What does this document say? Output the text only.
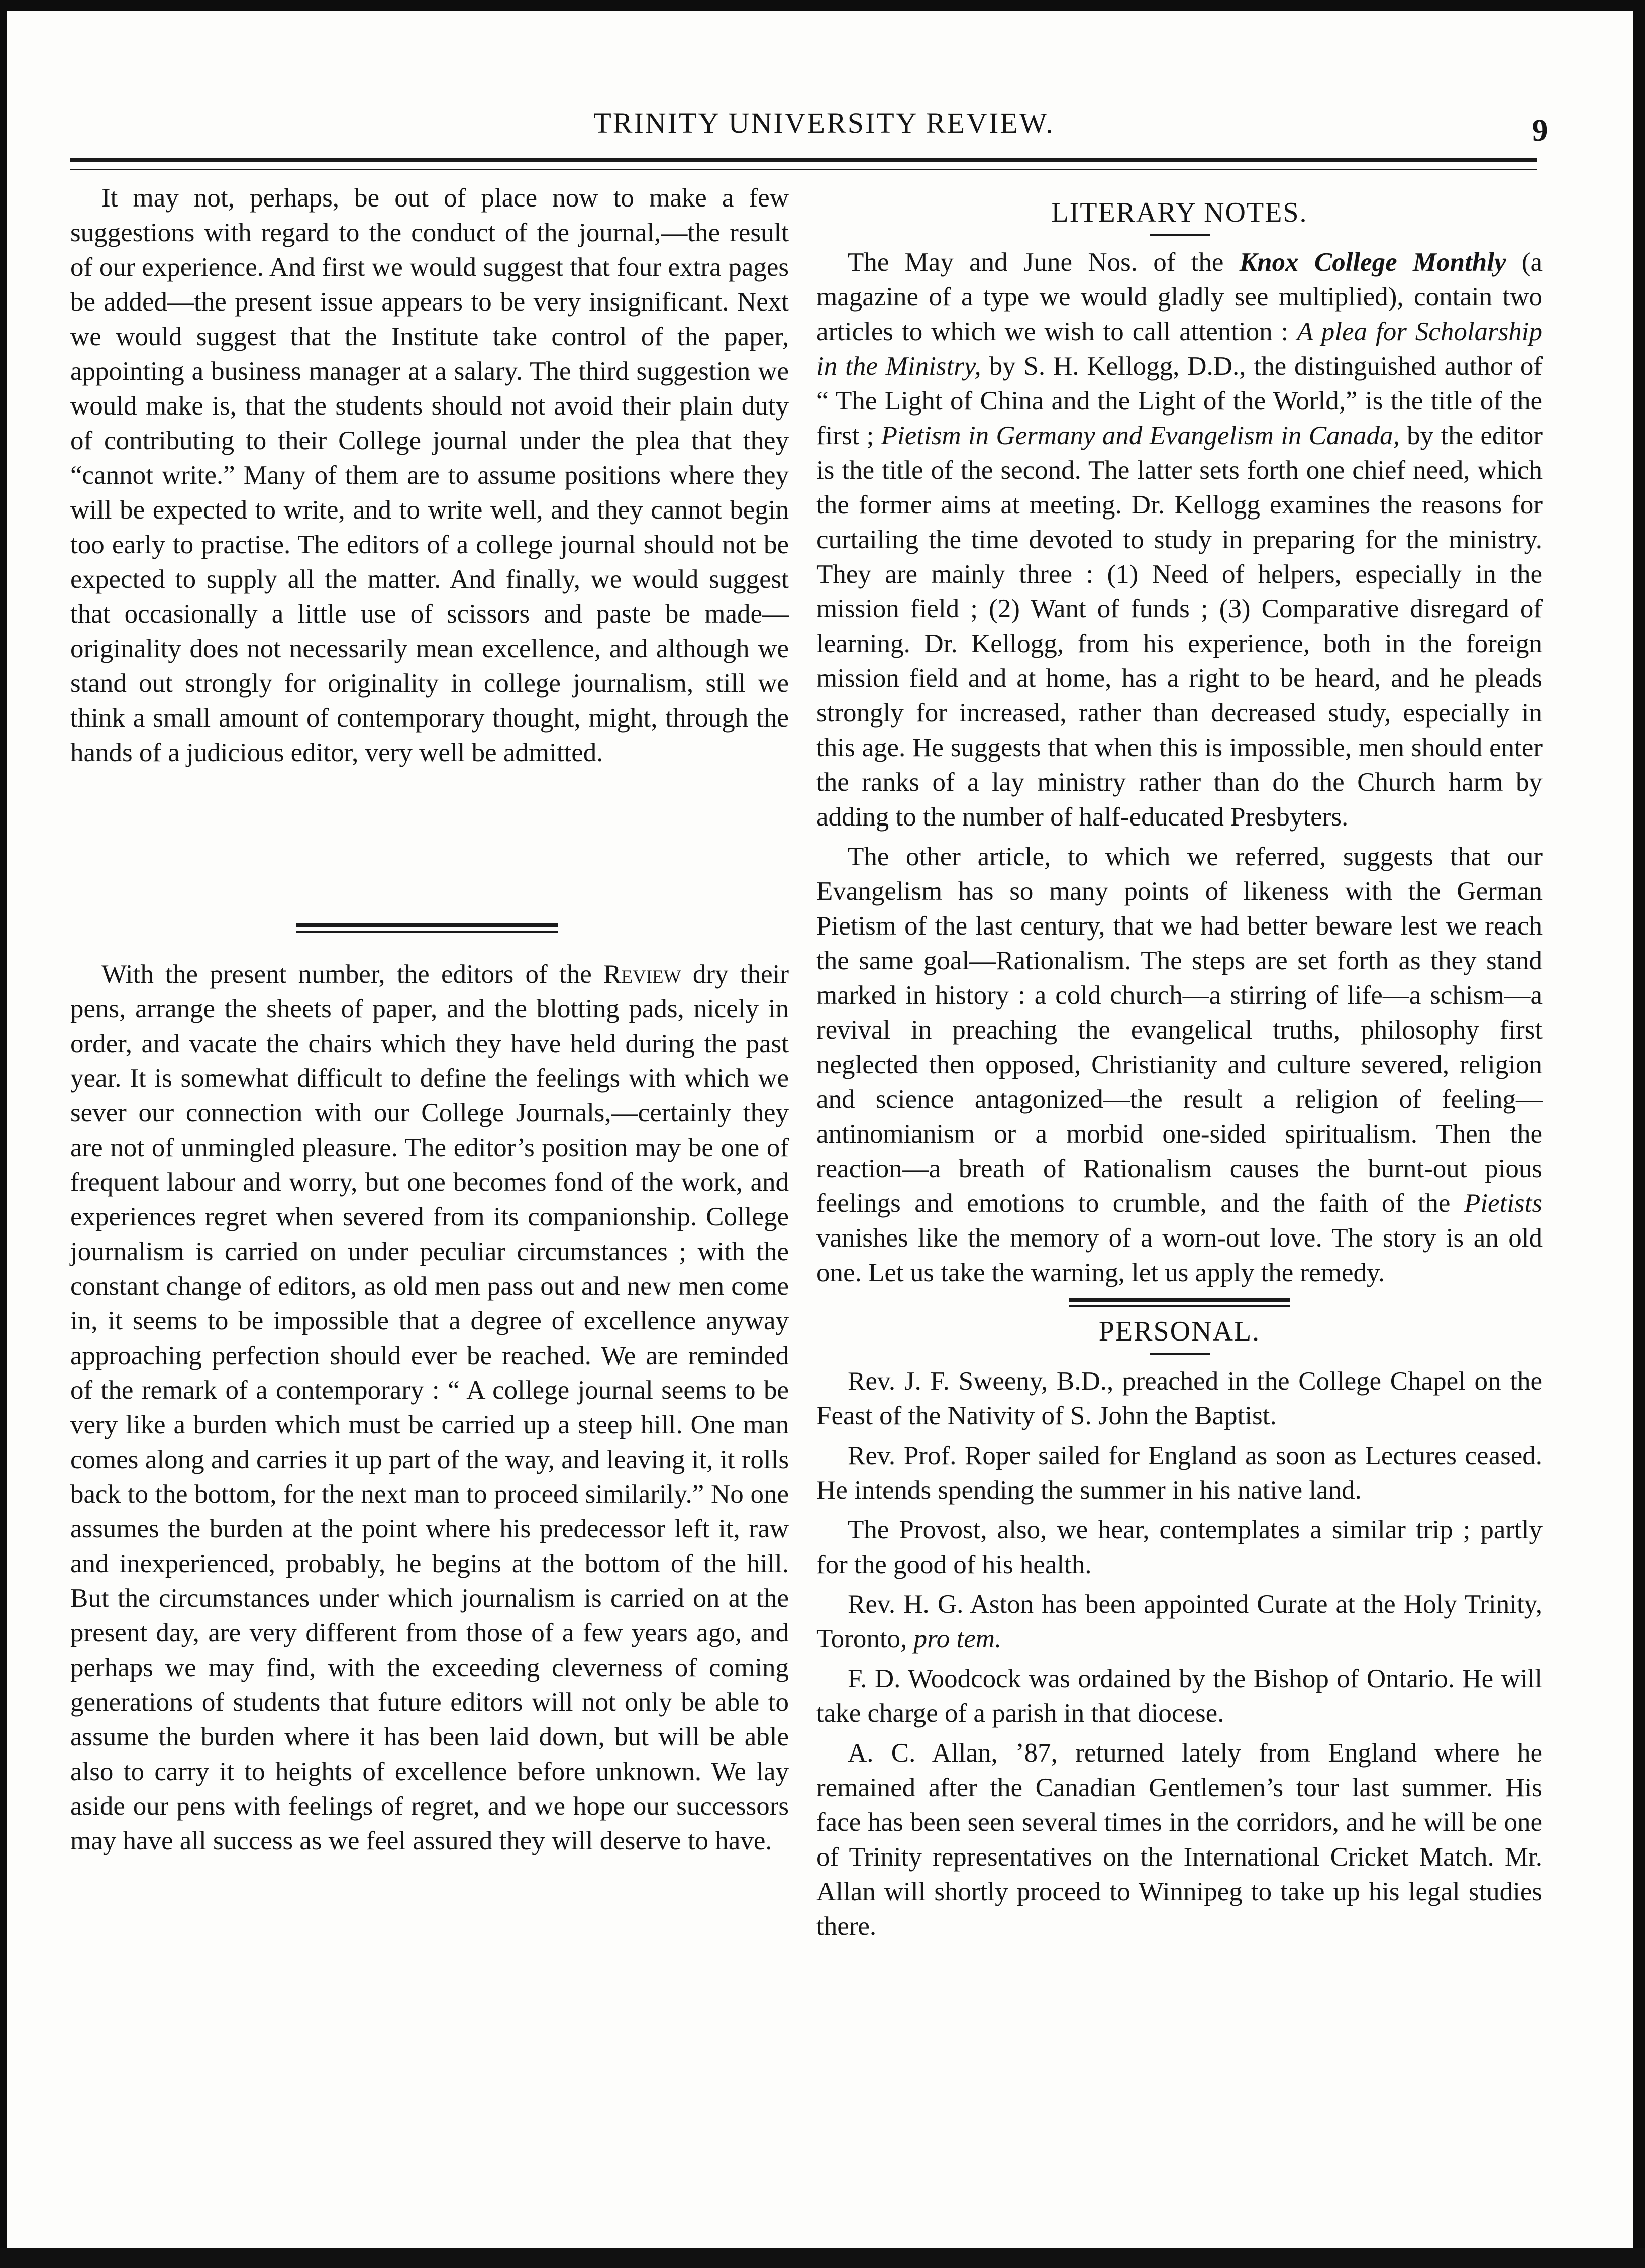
TRINITY UNIVERSITY REVIEW.	9

It may not, perhaps, be out of place now to make a few suggestions with regard to the conduct of the journal,—the result of our experience. And first we would suggest that four extra pages be added—the present issue appears to be very insignificant. Next we would suggest that the Institute take control of the paper, appointing a business manager at a salary. The third suggestion we would make is, that the students should not avoid their plain duty of contributing to their College journal under the plea that they “cannot write.” Many of them are to assume positions where they will be expected to write, and to write well, and they cannot begin too early to practise. The editors of a college journal should not be expected to supply all the matter. And finally, we would suggest that occasionally a little use of scissors and paste be made—originality does not necessarily mean excellence, and although we stand out strongly for originality in college journalism, still we think a small amount of contemporary thought, might, through the hands of a judicious editor, very well be admitted.

With the present number, the editors of the Review dry their pens, arrange the sheets of paper, and the blotting pads, nicely in order, and vacate the chairs which they have held during the past year. It is somewhat difficult to define the feelings with which we sever our connection with our College Journals,—certainly they are not of unmingled pleasure. The editor’s position may be one of frequent labour and worry, but one becomes fond of the work, and experiences regret when severed from its companionship. College journalism is carried on under peculiar circumstances ; with the constant change of editors, as old men pass out and new men come in, it seems to be impossible that a degree of excellence anyway approaching perfection should ever be reached. We are reminded of the remark of a contemporary : “ A college journal seems to be very like a burden which must be carried up a steep hill. One man comes along and carries it up part of the way, and leaving it, it rolls back to the bottom, for the next man to proceed similarily.” No one assumes the burden at the point where his predecessor left it, raw and inexperienced, probably, he begins at the bottom of the hill. But the circumstances under which journalism is carried on at the present day, are very different from those of a few years ago, and perhaps we may find, with the exceeding cleverness of coming generations of students that future editors will not only be able to assume the burden where it has been laid down, but will be able also to carry it to heights of excellence before unknown. We lay aside our pens with feelings of regret, and we hope our successors may have all success as we feel assured they will deserve to have.

LITERARY NOTES.

The May and June Nos. of the Knox College Monthly (a magazine of a type we would gladly see multiplied), contain two articles to which we wish to call attention : A plea for Scholarship in the Ministry, by S. H. Kellogg, D.D., the distinguished author of “ The Light of China and the Light of the World,” is the title of the first ; Pietism in Germany and Evangelism in Canada, by the editor is the title of the second. The latter sets forth one chief need, which the former aims at meeting. Dr. Kellogg examines the reasons for curtailing the time devoted to study in preparing for the ministry. They are mainly three : (1) Need of helpers, especially in the mission field ; (2) Want of funds ; (3) Comparative disregard of learning. Dr. Kellogg, from his experience, both in the foreign mission field and at home, has a right to be heard, and he pleads strongly for increased, rather than decreased study, especially in this age. He suggests that when this is impossible, men should enter the ranks of a lay ministry rather than do the Church harm by adding to the number of half-educated Presbyters.

The other article, to which we referred, suggests that our Evangelism has so many points of likeness with the German Pietism of the last century, that we had better beware lest we reach the same goal—Rationalism. The steps are set forth as they stand marked in history : a cold church—a stirring of life—a schism—a revival in preaching the evangelical truths, philosophy first neglected then opposed, Christianity and culture severed, religion and science antagonized—the result a religion of feeling—antinomianism or a morbid one-sided spiritualism. Then the reaction—a breath of Rationalism causes the burnt-out pious feelings and emotions to crumble, and the faith of the Pietists vanishes like the memory of a worn-out love. The story is an old one. Let us take the warning, let us apply the remedy.

PERSONAL.

Rev. J. F. Sweeny, B.D., preached in the College Chapel on the Feast of the Nativity of S. John the Baptist.

Rev. Prof. Roper sailed for England as soon as Lectures ceased. He intends spending the summer in his native land.

The Provost, also, we hear, contemplates a similar trip ; partly for the good of his health.

Rev. H. G. Aston has been appointed Curate at the Holy Trinity, Toronto, pro tem.

F. D. Woodcock was ordained by the Bishop of Ontario. He will take charge of a parish in that diocese.

A. C. Allan, ’87, returned lately from England where he remained after the Canadian Gentlemen’s tour last summer. His face has been seen several times in the corridors, and he will be one of Trinity representatives on the International Cricket Match. Mr. Allan will shortly proceed to Winnipeg to take up his legal studies there.
